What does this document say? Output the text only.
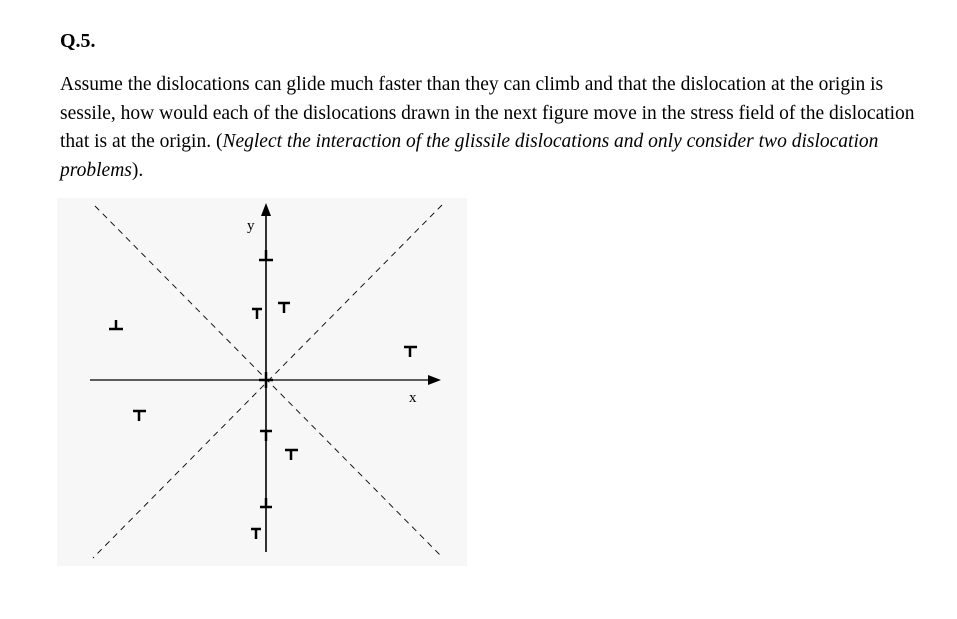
Q.5.

Assume the dislocations can glide much faster than they can climb and that the dislocation at the origin is sessile, how would each of the dislocations drawn in the next figure move in the stress field of the dislocation that is at the origin. (Neglect the interaction of the glissile dislocations and only consider two dislocation problems).

x
y
